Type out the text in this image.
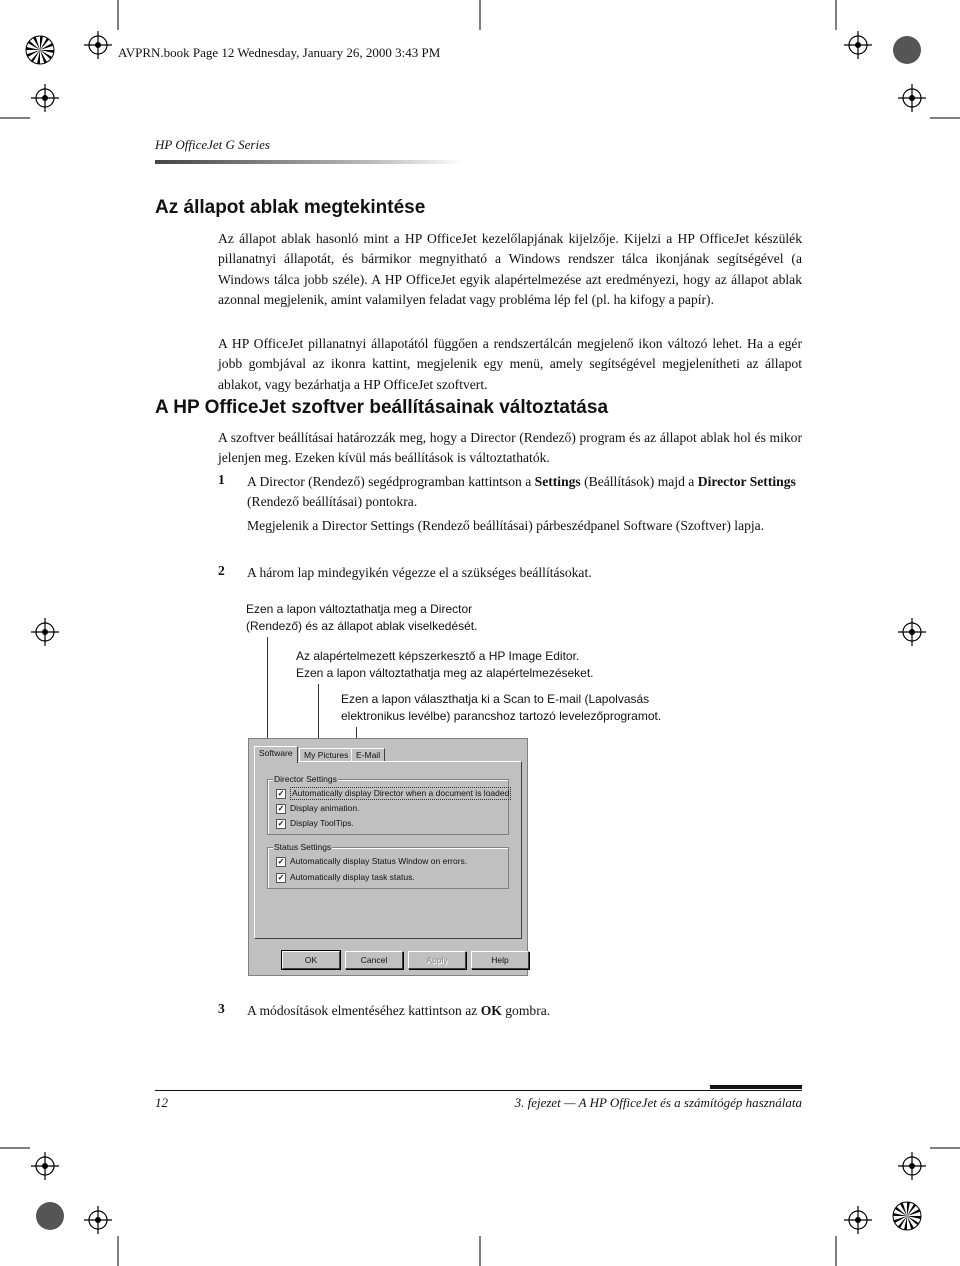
AVPRN.book Page 12 Wednesday, January 26, 2000 3:43 PM
HP OfficeJet G Series
Az állapot ablak megtekintése
Az állapot ablak hasonló mint a HP OfficeJet kezelőlapjának kijelzője. Kijelzi a HP OfficeJet készülék pillanatnyi állapotát, és bármikor megnyitható a Windows rendszer tálca ikonjának segítségével (a Windows tálca jobb széle). A HP OfficeJet egyik alapértelmezése azt eredményezi, hogy az állapot ablak azonnal megjelenik, amint valamilyen feladat vagy probléma lép fel (pl. ha kifogy a papír).
A HP OfficeJet pillanatnyi állapotától függően a rendszertálcán megjelenő ikon változó lehet. Ha a egér jobb gombjával az ikonra kattint, megjelenik egy menü, amely segítségével megjelenítheti az állapot ablakot, vagy bezárhatja a HP OfficeJet szoftvert.
A HP OfficeJet szoftver beállításainak változtatása
A szoftver beállításai határozzák meg, hogy a Director (Rendező) program és az állapot ablak hol és mikor jelenjen meg. Ezeken kívül más beállítások is változtathatók.
1 A Director (Rendező) segédprogramban kattintson a Settings (Beállítások) majd a Director Settings (Rendező beállításai) pontokra.
Megjelenik a Director Settings (Rendező beállításai) párbeszédpanel Software (Szoftver) lapja.
2 A három lap mindegyikén végezze el a szükséges beállításokat.
Ezen a lapon változtathatja meg a Director
(Rendező) és az állapot ablak viselkedését.
Az alapértelmezett képszerkesztő a HP Image Editor.
Ezen a lapon változtathatja meg az alapértelmezéseket.
Ezen a lapon választhatja ki a Scan to E-mail (Lapolvasás
elektronikus levélbe) parancshoz tartozó levelezőprogramot.
Software	My Pictures E-Mail
Director Settings
✓ Automatically display Director when a document is loaded
✓ Display animation.
✓ Display ToolTips.
Status Settings
✓ Automatically display Status Window on errors.
✓ Automatically display task status.
OK	Cancel	Apply	Help
3 A módosítások elmentéséhez kattintson az OK gombra.
12	3. fejezet — A HP OfficeJet és a számítógép használata
